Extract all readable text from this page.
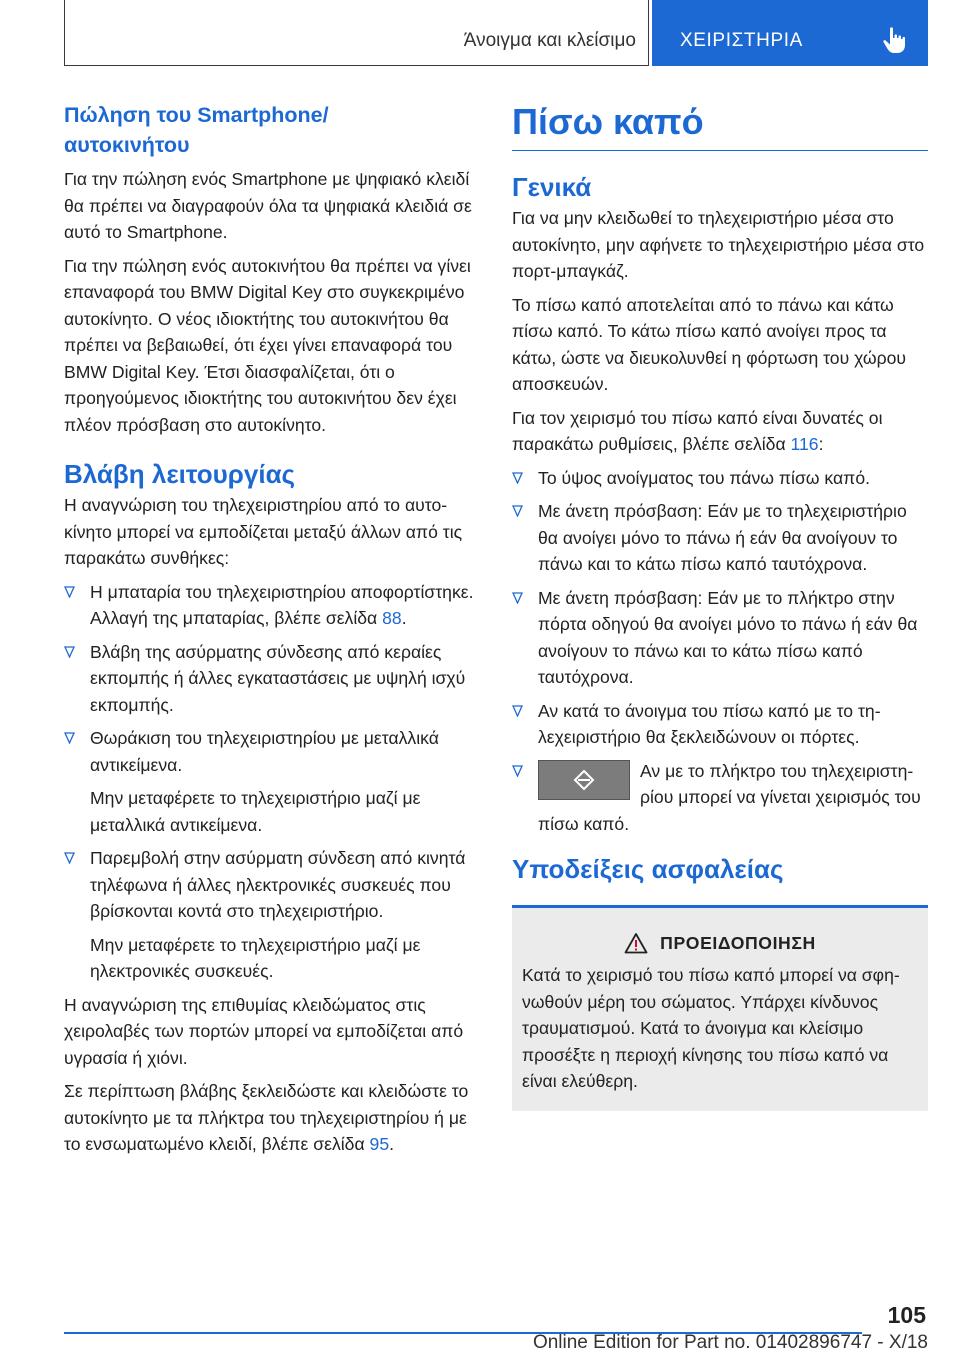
Άνοιγμα και κλείσιμο ΧΕΙΡΙΣΤΗΡΙΑ
Πώληση του Smartphone/
αυτοκινήτου

Για την πώληση ενός Smartphone με ψηφιακό κλειδί θα πρέπει να διαγραφούν όλα τα ψηφιακά κλειδιά σε αυτό το Smartphone.

Για την πώληση ενός αυτοκινήτου θα πρέπει να γίνει επαναφορά του BMW Digital Key στο συγκεκριμένο αυτοκίνητο. Ο νέος ιδιοκτήτης του αυτοκινήτου θα πρέπει να βεβαιωθεί, ότι έχει γίνει επαναφορά του BMW Digital Key. Έτσι διασφαλίζεται, ότι ο προηγούμενος ιδιοκτήτης του αυτοκινήτου δεν έχει πλέον πρόσβαση στο αυτοκίνητο.

Βλάβη λειτουργίας

Η αναγνώριση του τηλεχειριστηρίου από το αυτοκίνητο μπορεί να εμποδίζεται μεταξύ άλλων από τις παρακάτω συνθήκες:

Η μπαταρία του τηλεχειριστηρίου αποφορτίστηκε. Αλλαγή της μπαταρίας, βλέπε σελίδα 88.
Βλάβη της ασύρματης σύνδεσης από κεραίες εκπομπής ή άλλες εγκαταστάσεις με υψηλή ισχύ εκπομπής.
Θωράκιση του τηλεχειριστηρίου με μεταλλικά αντικείμενα.

Μην μεταφέρετε το τηλεχειριστήριο μαζί με μεταλλικά αντικείμενα.

Παρεμβολή στην ασύρματη σύνδεση από κινητά τηλέφωνα ή άλλες ηλεκτρονικές συσκευές που βρίσκονται κοντά στο τηλεχειριστήριο.

Μην μεταφέρετε το τηλεχειριστήριο μαζί με ηλεκτρονικές συσκευές.

Η αναγνώριση της επιθυμίας κλειδώματος στις χειρολαβές των πορτών μπορεί να εμποδίζεται από υγρασία ή χιόνι.

Σε περίπτωση βλάβης ξεκλειδώστε και κλειδώστε το αυτοκίνητο με τα πλήκτρα του τηλεχειριστηρίου ή με το ενσωματωμένο κλειδί, βλέπε σελίδα 95.

Πίσω καπό
Γενικά

Για να μην κλειδωθεί το τηλεχειριστήριο μέσα στο αυτοκίνητο, μην αφήνετε το τηλεχειριστήριο μέσα στο πορτ-μπαγκάζ.

Το πίσω καπό αποτελείται από το πάνω και κάτω πίσω καπό. Το κάτω πίσω καπό ανοίγει προς τα κάτω, ώστε να διευκολυνθεί η φόρτωση του χώρου αποσκευών.

Για τον χειρισμό του πίσω καπό είναι δυνατές οι παρακάτω ρυθμίσεις, βλέπε σελίδα 116:

Το ύψος ανοίγματος του πάνω πίσω καπό.
Με άνετη πρόσβαση: Εάν με το τηλεχειριστήριο θα ανοίγει μόνο το πάνω ή εάν θα ανοίγουν το πάνω και το κάτω πίσω καπό ταυτόχρονα.
Με άνετη πρόσβαση: Εάν με το πλήκτρο στην πόρτα οδηγού θα ανοίγει μόνο το πάνω ή εάν θα ανοίγουν το πάνω και το κάτω πίσω καπό ταυτόχρονα.
Αν κατά το άνοιγμα του πίσω καπό με το τηλεχειριστήριο θα ξεκλειδώνουν οι πόρτες.
Αν με το πλήκτρο του τηλεχειριστηρίου μπορεί να γίνεται χειρισμός του πίσω καπό.
Υποδείξεις ασφαλείας
ΠΡΟΕΙΔΟΠΟΙΗΣΗ

Κατά το χειρισμό του πίσω καπό μπορεί να σφηνωθούν μέρη του σώματος. Υπάρχει κίνδυνος τραυματισμού. Κατά το άνοιγμα και κλείσιμο προσέξτε η περιοχή κίνησης του πίσω καπό να είναι ελεύθερη.

105
Online Edition for Part no. 01402896747 - X/18
